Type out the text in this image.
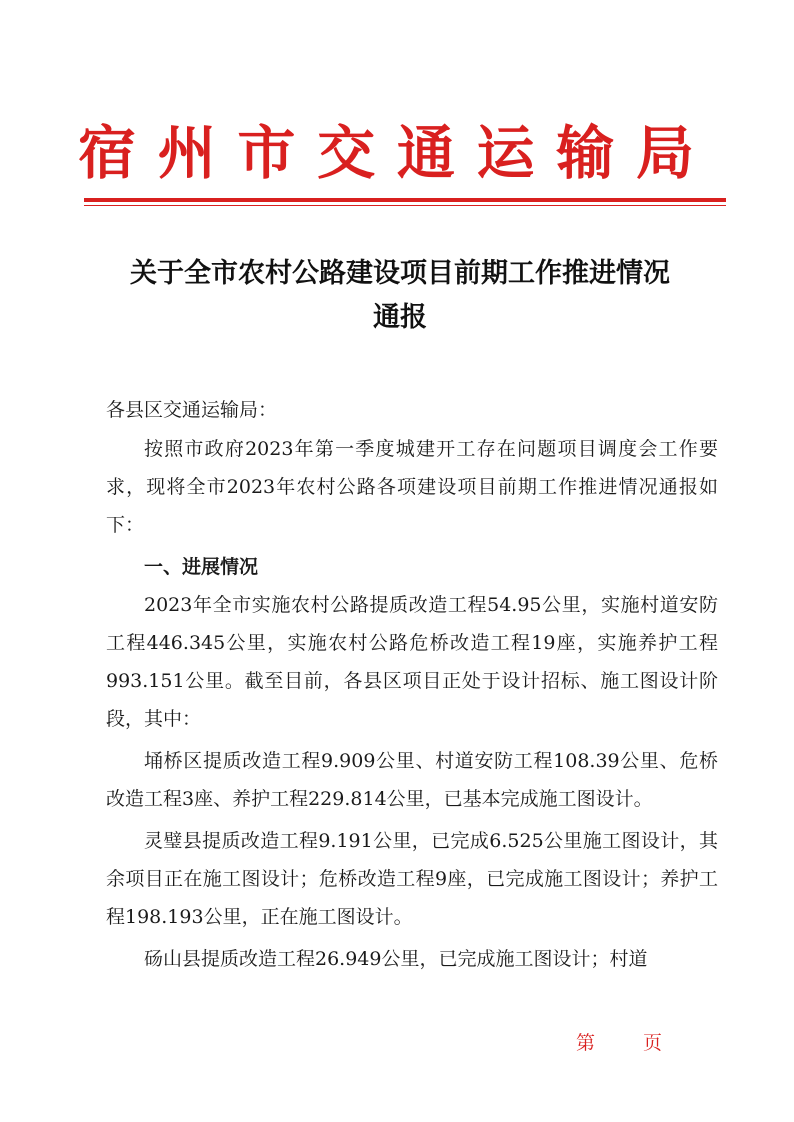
宿州市交通运输局
关于全市农村公路建设项目前期工作推进情况
通报

各县区交通运输局：

按照市政府2023年第一季度城建开工存在问题项目调度会工作要求，现将全市2023年农村公路各项建设项目前期工作推进情况通报如下：

一、进展情况

2023年全市实施农村公路提质改造工程54.95公里，实施村道安防工程446.345公里，实施农村公路危桥改造工程19座，实施养护工程993.151公里。截至目前，各县区项目正处于设计招标、施工图设计阶段，其中：

埇桥区提质改造工程9.909公里、村道安防工程108.39公里、危桥改造工程3座、养护工程229.814公里，已基本完成施工图设计。

灵璧县提质改造工程9.191公里，已完成6.525公里施工图设计，其余项目正在施工图设计；危桥改造工程9座，已完成施工图设计；养护工程198.193公里，正在施工图设计。

砀山县提质改造工程26.949公里，已完成施工图设计；村道

第	页
